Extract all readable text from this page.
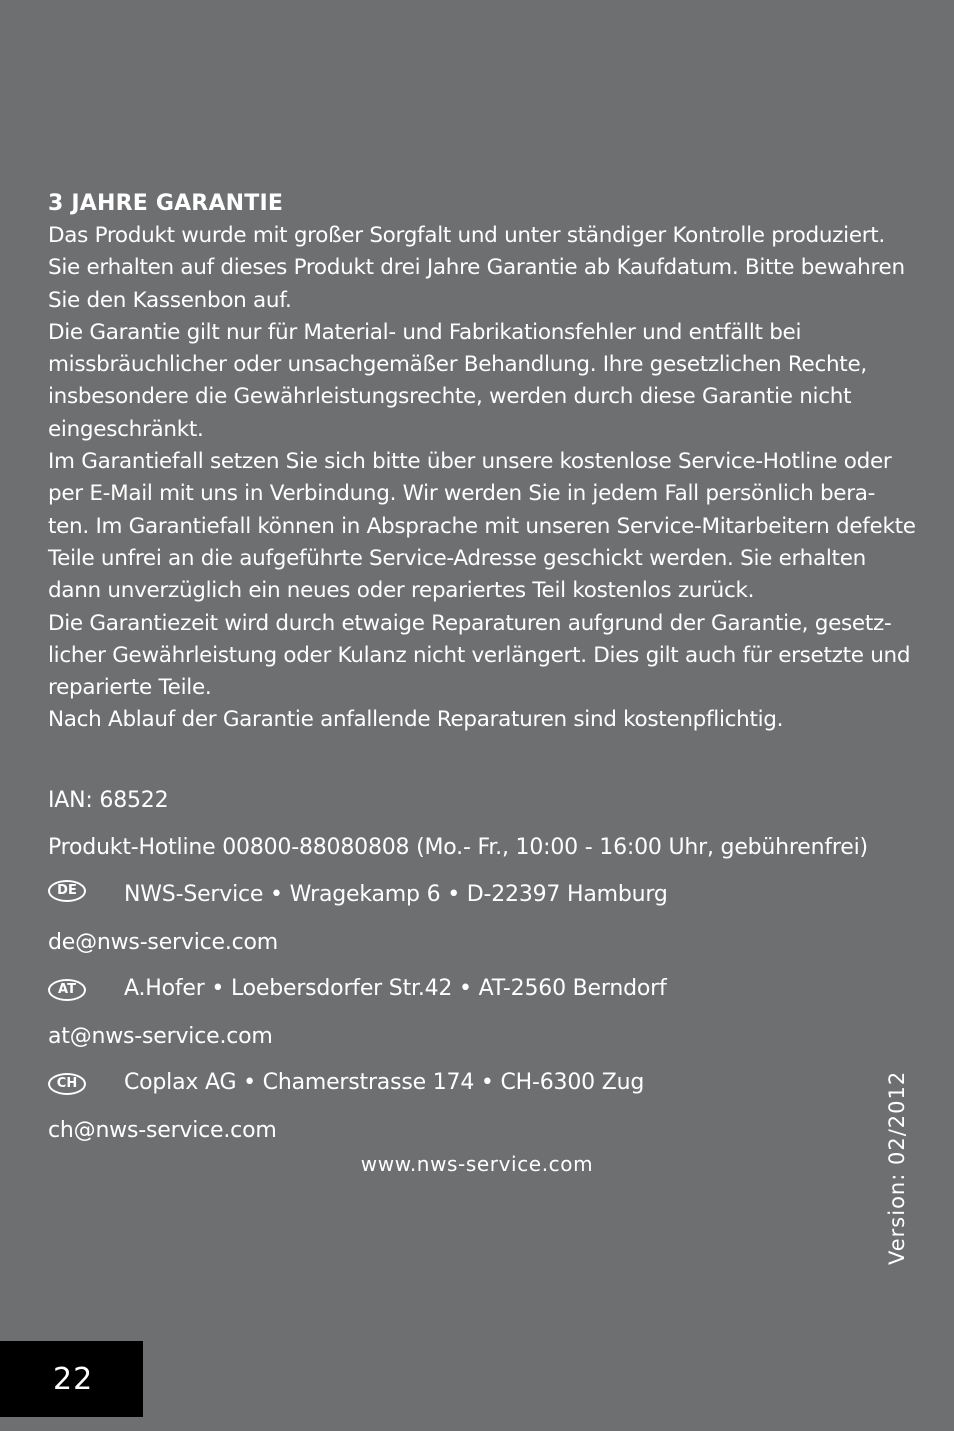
3 JAHRE GARANTIE

Das Produkt wurde mit großer Sorgfalt und unter ständiger Kontrolle produziert.

Sie erhalten auf dieses Produkt drei Jahre Garantie ab Kaufdatum. Bitte bewahren

Sie den Kassenbon auf.

Die Garantie gilt nur für Material- und Fabrikationsfehler und entfällt bei

missbräuchlicher oder unsachgemäßer Behandlung. Ihre gesetzlichen Rechte,

insbesondere die Gewährleistungsrechte, werden durch diese Garantie nicht

eingeschränkt.

Im Garantiefall setzen Sie sich bitte über unsere kostenlose Service-Hotline oder

per E-Mail mit uns in Verbindung. Wir werden Sie in jedem Fall persönlich bera-

ten. Im Garantiefall können in Absprache mit unseren Service-Mitarbeitern defekte

Teile unfrei an die aufgeführte Service-Adresse geschickt werden. Sie erhalten

dann unverzüglich ein neues oder repariertes Teil kostenlos zurück.

Die Garantiezeit wird durch etwaige Reparaturen aufgrund der Garantie, gesetz-

licher Gewährleistung oder Kulanz nicht verlängert. Dies gilt auch für ersetzte und

reparierte Teile.

Nach Ablauf der Garantie anfallende Reparaturen sind kostenpflichtig.

IAN: 68522
Produkt-Hotline 00800-88080808 (Mo.- Fr., 10:00 - 16:00 Uhr, gebührenfrei)
DE	NWS-Service • Wragekamp 6 • D-22397 Hamburg
de@nws-service.com
AT	A.Hofer • Loebersdorfer Str.42 • AT-2560 Berndorf
at@nws-service.com
CH	Coplax AG • Chamerstrasse 174 • CH-6300 Zug
ch@nws-service.com
www.nws-service.com	Version: 02/2012
22
